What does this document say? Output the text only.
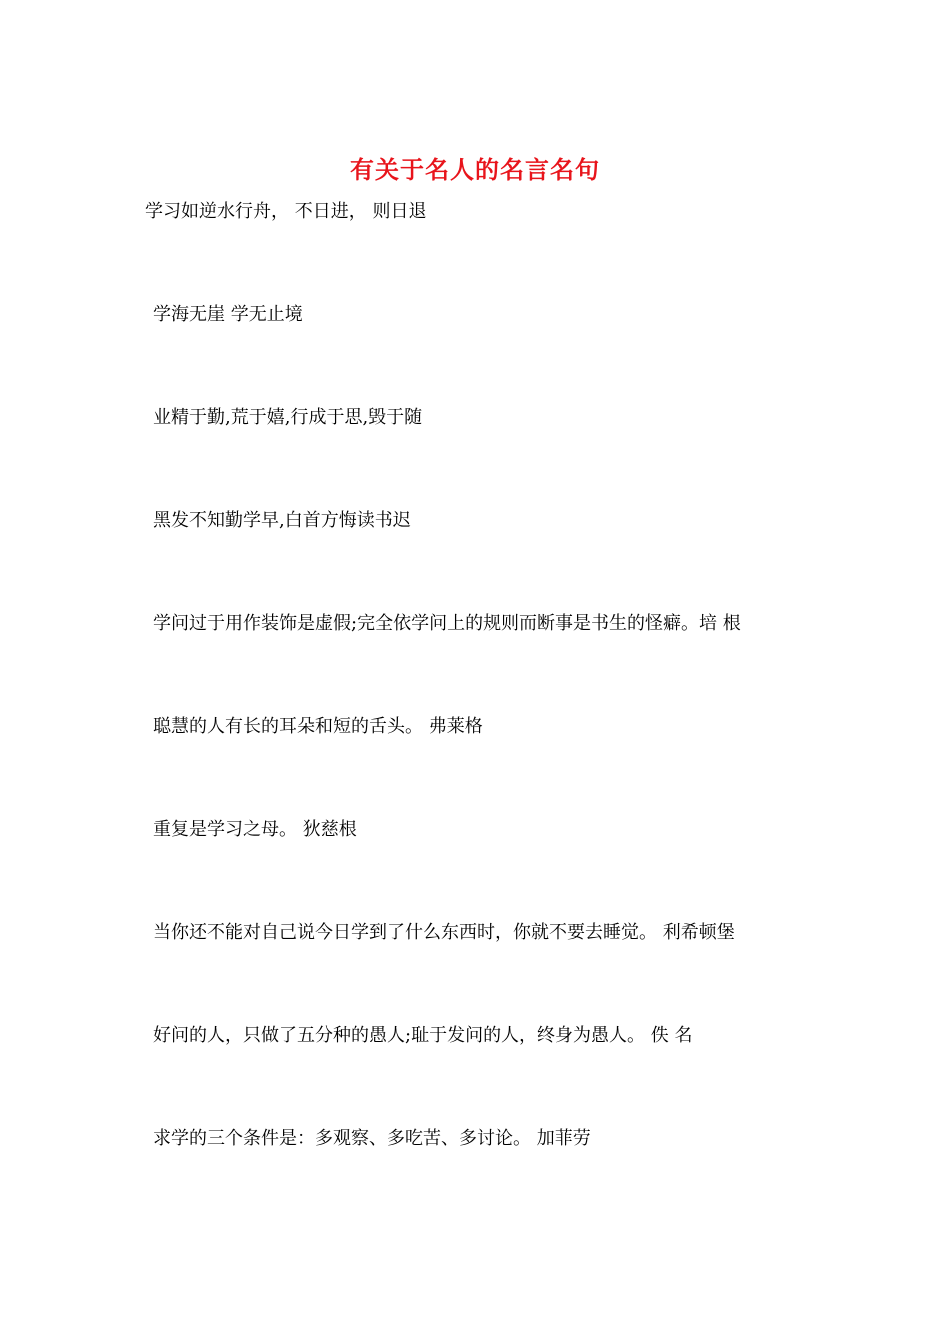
有关于名人的名言名句
学习如逆水行舟， 不日进， 则日退
学海无崖 学无止境
业精于勤,荒于嬉,行成于思,毁于随
黑发不知勤学早,白首方悔读书迟
学问过于用作装饰是虚假;完全依学问上的规则而断事是书生的怪癖。培 根
聪慧的人有长的耳朵和短的舌头。 弗莱格
重复是学习之母。 狄慈根
当你还不能对自己说今日学到了什么东西时，你就不要去睡觉。 利希顿堡
好问的人，只做了五分种的愚人;耻于发问的人，终身为愚人。 佚 名
求学的三个条件是：多观察、多吃苦、多讨论。 加菲劳
